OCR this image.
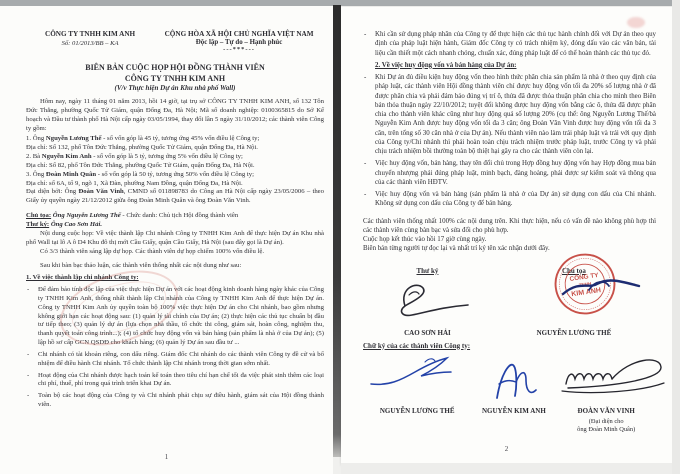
CÔNG TY TNHH KIM ANH
Số: 01/2013/BB – KA
CỘNG HÒA XÃ HỘI CHỦ NGHĨA VIỆT NAM
Độc lập – Tự do – Hạnh phúc
---***---
BIÊN BẢN CUỘC HỌP HỘI ĐỒNG THÀNH VIÊN
CÔNG TY TNHH KIM ANH
(V/v Thực hiện Dự án Khu nhà phố Wall)

Hôm nay, ngày 11 tháng 01 năm 2013, hồi 14 giờ, tại trụ sở CÔNG TY TNHH KIM ANH, số 132 Tôn Đức Thắng, phường Quốc Tử Giám, quận Đống Đa, Hà Nội; Mã số doanh nghiệp: 0100365815 do Sở Kế hoạch và Đầu tư thành phố Hà Nội cấp ngày 03/05/1994, thay đổi lần 5 ngày 31/10/2012; các thành viên Công ty gồm:

1. Ông Nguyễn Lương Thế - số vốn góp là 45 tỷ, tương ứng 45% vốn điều lệ Công ty;
Địa chỉ: Số 132, phố Tôn Đức Thắng, phường Quốc Tử Giám, quận Đống Đa, Hà Nội.
2. Bà Nguyễn Kim Anh - số vốn góp là 5 tỷ, tương ứng 5% vốn điều lệ Công ty;
Địa chỉ: Số 82, phố Tôn Đức Thắng, phường Quốc Tử Giám, quận Đống Đa, Hà Nội.
3. Ông Đoàn Minh Quân - số vốn góp là 50 tỷ, tương ứng 50% vốn điều lệ Công ty;
Địa chỉ: số 6A, tổ 9, ngõ 1, Xã Đàn, phường Nam Đồng, quận Đống Đa, Hà Nội.
Đại diện bởi: Ông Đoàn Văn Vinh, CMND số 011898783 do Công an Hà Nội cấp ngày 23/05/2006 – theo Giấy ủy quyền ngày 21/12/2012 giữa ông Đoàn Minh Quân và ông Đoàn Văn Vinh.
Chủ tọa: Ông Nguyễn Lương Thế - Chức danh: Chủ tịch Hội đồng thành viên
Thư ký: Ông Cao Sơn Hải.

Nội dung cuộc họp: Về việc thành lập Chi nhánh Công ty TNHH Kim Anh để thực hiện Dự án Khu nhà phố Wall tại lô A ô D4 Khu đô thị mới Cầu Giấy, quận Cầu Giấy, Hà Nội (sau đây gọi là Dự án).

Có 3/3 thành viên sáng lập dự họp. Các thành viên dự họp chiếm 100% vốn điều lệ.

Sau khi bàn bạc thảo luận, các thành viên thống nhất các nội dung như sau:

1. Về việc thành lập chi nhánh Công ty:
- Để đảm bảo tính độc lập của việc thực hiện Dự án với các hoạt động kinh doanh hàng ngày khác của Công ty TNHH Kim Anh, thống nhất thành lập Chi nhánh của Công ty TNHH Kim Anh để thực hiện Dự án. Công ty TNHH Kim Anh ủy quyền toàn bộ 100% việc thực hiện Dự án cho Chi nhánh, bao gồm nhưng không giới hạn các hoạt động sau: (1) quản lý tài chính của Dự án; (2) thực hiện các thủ tục chuẩn bị đầu tư tiếp theo; (3) quản lý dự án (lựa chọn nhà thầu, tổ chức thi công, giám sát, hoàn công, nghiệm thu, thanh quyết toán công trình...); (4) tổ chức huy động vốn và bán hàng (sản phẩm là nhà ở của Dự án); (5) lập hồ sơ cấp GCN QSDĐ cho khách hàng; (6) quản lý Dự án sau đầu tư ...
- Chi nhánh có tài khoản riêng, con dấu riêng. Giám đốc Chi nhánh do các thành viên Công ty đề cử và bổ nhiệm để điều hành Chi nhánh. Tổ chức thành lập Chi nhánh trong thời gian sớm nhất.
- Hoạt động của Chi nhánh được hạch toán kế toán theo tiêu chí hạn chế tối đa việc phát sinh thêm các loại chi phí, thuế, phí trong quá trình triển khai Dự án.
- Toàn bộ các hoạt động của Công ty và Chi nhánh phải chịu sự điều hành, giám sát của Hội đồng thành viên.
1
- Khi cần sử dụng pháp nhân của Công ty để thực hiện các thủ tục hành chính đối với Dự án theo quy định của pháp luật hiện hành, Giám đốc Công ty có trách nhiệm ký, đóng dấu vào các văn bản, tài liệu cần thiết một cách nhanh chóng, chuẩn xác, đúng pháp luật để có thể hoàn thành các thủ tục đó.
2. Về việc huy động vốn và bán hàng của Dự án:
- Khi Dự án đủ điều kiện huy động vốn theo hình thức phân chia sản phẩm là nhà ở theo quy định của pháp luật, các thành viên Hội đồng thành viên chỉ được huy động vốn tối đa 20% số lượng nhà ở đã được phân chia và phải đảm bảo đúng vị trí ô, thửa đã được thỏa thuận phân chia cho mình theo Biên bản thỏa thuận ngày 22/10/2012; tuyệt đối không được huy động vốn bằng các ô, thửa đã được phân chia cho thành viên khác cũng như huy động quá số lượng 20% (cụ thể: ông Nguyễn Lương Thế/bà Nguyễn Kim Anh được huy động vốn tối đa 3 căn; ông Đoàn Văn Vinh được huy động vốn tối đa 3 căn, trên tổng số 30 căn nhà ở của Dự án). Nếu thành viên nào làm trái pháp luật và trái với quy định của Công ty/Chi nhánh thì phải hoàn toàn chịu trách nhiệm trước pháp luật, trước Công ty và phải chịu trách nhiệm bồi thường toàn bộ thiệt hại gây ra cho các thành viên còn lại.
- Việc huy động vốn, bán hàng, thay tên đổi chủ trong Hợp đồng huy động vốn hay Hợp đồng mua bán chuyển nhượng phải đúng pháp luật, minh bạch, đàng hoàng, phải được sự kiểm soát và thông qua của các thành viên HĐTV.
- Việc huy động vốn và bán hàng (sản phẩm là nhà ở của Dự án) sử dụng con dấu của Chi nhánh. Không sử dụng con dấu của Công ty để bán hàng.

Các thành viên thống nhất 100% các nội dung trên. Khi thực hiện, nếu có vấn đề nào không phù hợp thì các thành viên cùng bàn bạc và sửa đổi cho phù hợp.

Cuộc họp kết thúc vào hồi 17 giờ cùng ngày.

Biên bản từng người tự đọc lại và nhất trí ký tên xác nhận dưới đây.

Thư ký	Chủ tọa
CÔNG TY
TNHH
KIM ANH
CAO SƠN HẢI	NGUYỄN LƯƠNG THẾ
Chữ ký của các thành viên Công ty:
NGUYỄN LƯƠNG THẾ	NGUYỄN KIM ANH	ĐOÀN VĂN VINH
(Đại diện cho
ông Đoàn Minh Quân)
2
